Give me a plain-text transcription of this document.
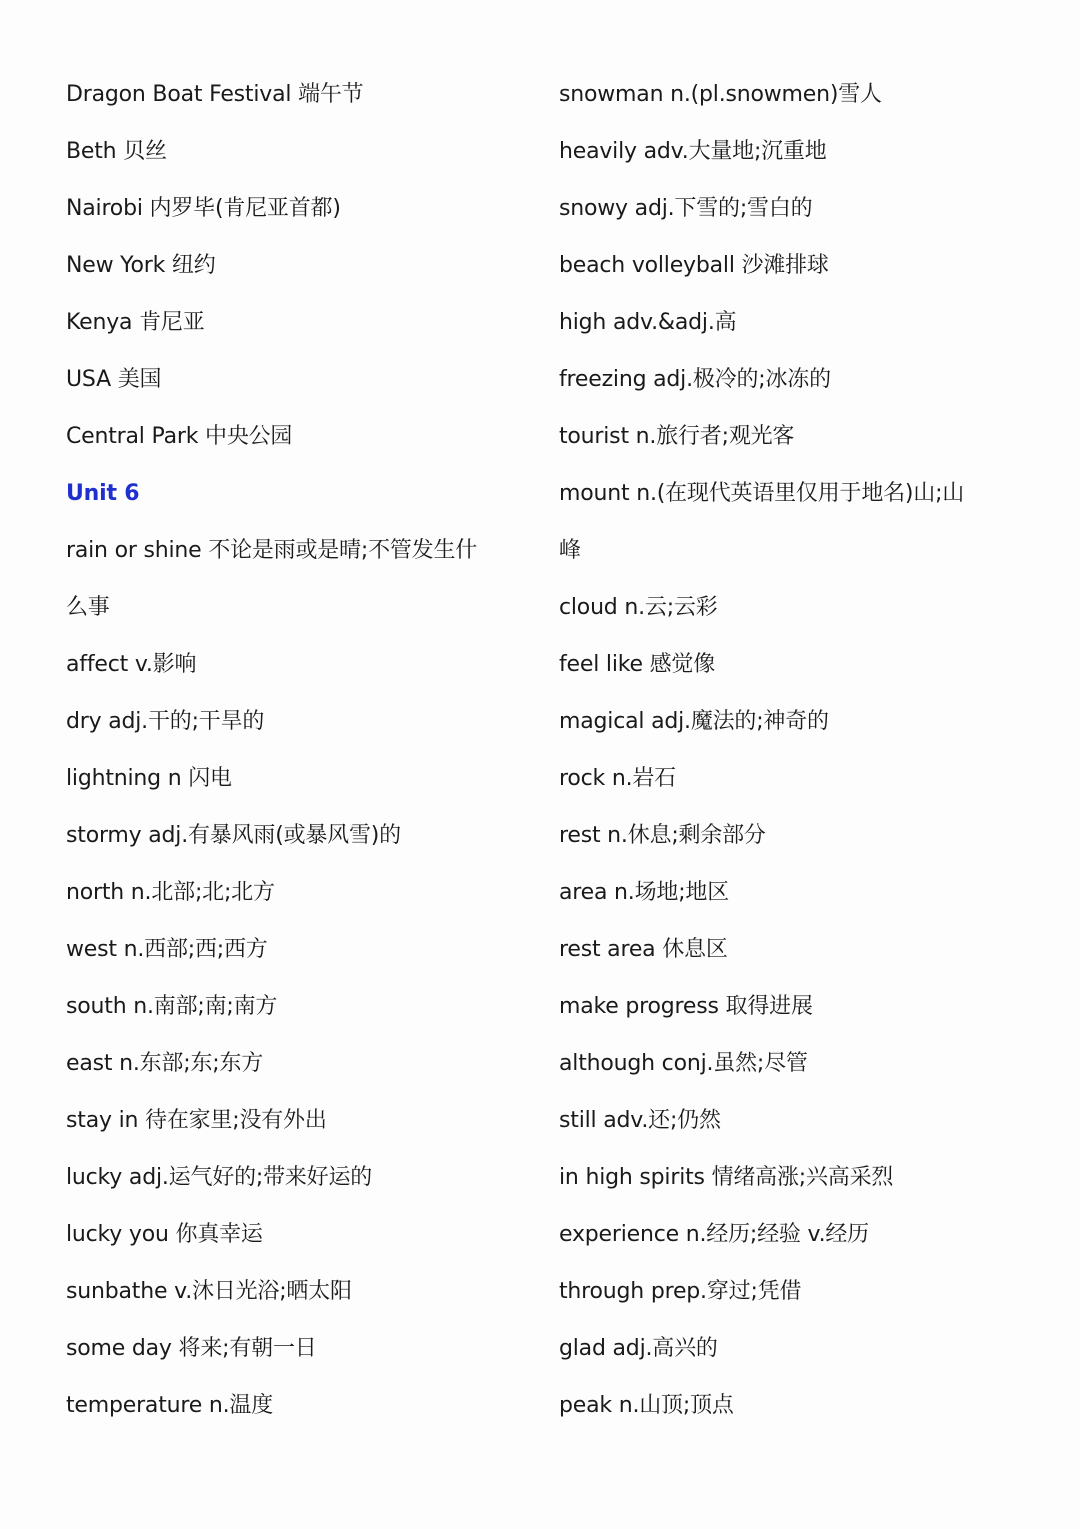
Dragon Boat Festival 端午节
Beth 贝丝
Nairobi 内罗毕(肯尼亚首都)
New York 纽约
Kenya 肯尼亚
USA 美国
Central Park 中央公园
Unit 6
rain or shine 不论是雨或是晴;不管发生什
么事
affect v.影响
dry adj.干的;干旱的
lightning n 闪电
stormy adj.有暴风雨(或暴风雪)的
north n.北部;北;北方
west n.西部;西;西方
south n.南部;南;南方
east n.东部;东;东方
stay in 待在家里;没有外出
lucky adj.运气好的;带来好运的
lucky you 你真幸运
sunbathe v.沐日光浴;晒太阳
some day 将来;有朝一日
temperature n.温度
snowman n.(pl.snowmen)雪人
heavily adv.大量地;沉重地
snowy adj.下雪的;雪白的
beach volleyball 沙滩排球
high adv.&adj.高
freezing adj.极冷的;冰冻的
tourist n.旅行者;观光客
mount n.(在现代英语里仅用于地名)山;山
峰
cloud n.云;云彩
feel like 感觉像
magical adj.魔法的;神奇的
rock n.岩石
rest n.休息;剩余部分
area n.场地;地区
rest area 休息区
make progress 取得进展
although conj.虽然;尽管
still adv.还;仍然
in high spirits 情绪高涨;兴高采烈
experience n.经历;经验 v.经历
through prep.穿过;凭借
glad adj.高兴的
peak n.山顶;顶点
